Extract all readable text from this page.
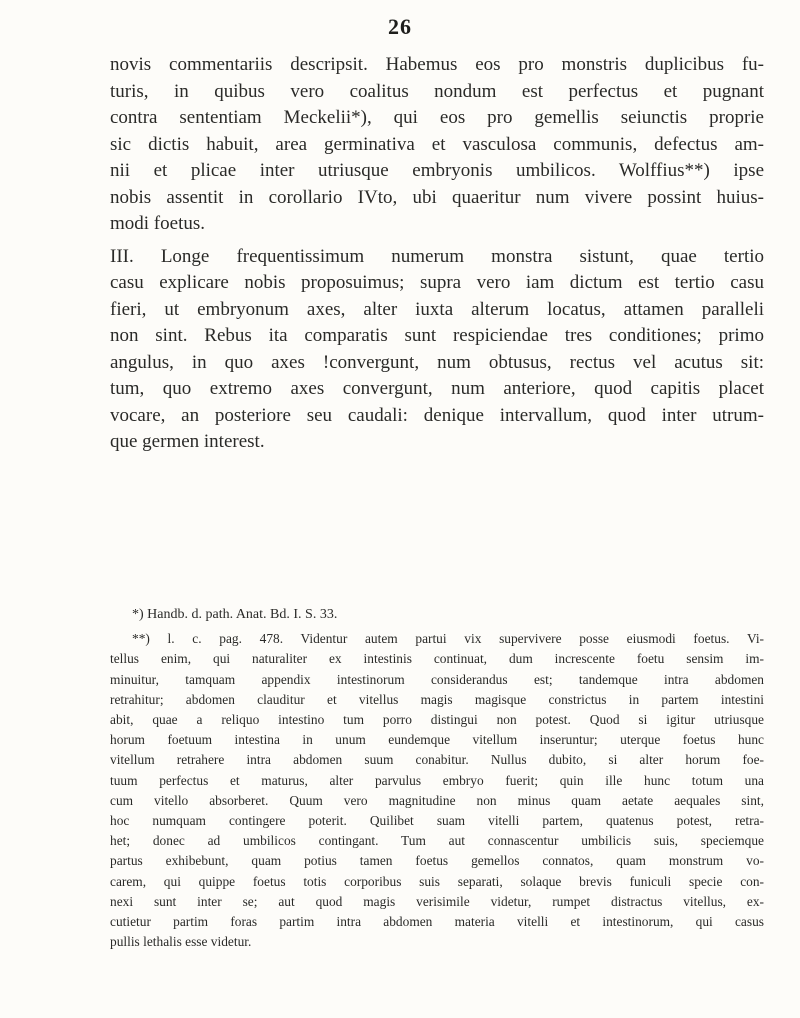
26

novis commentariis descripsit. Habemus eos pro monstris duplicibus fu-
turis, in quibus vero coalitus nondum est perfectus et pugnant
contra sententiam Meckelii*), qui eos pro gemellis seiunctis proprie
sic dictis habuit, area germinativa et vasculosa communis, defectus am-
nii et plicae inter utriusque embryonis umbilicos. Wolffius**) ipse
nobis assentit in corollario IVto, ubi quaeritur num vivere possint huius-
modi foetus.

III. Longe frequentissimum numerum monstra sistunt, quae tertio
casu explicare nobis proposuimus; supra vero iam dictum est tertio casu
fieri, ut embryonum axes, alter iuxta alterum locatus, attamen paralleli
non sint. Rebus ita comparatis sunt respiciendae tres conditiones; primo
angulus, in quo axes !convergunt, num obtusus, rectus vel acutus sit:
tum, quo extremo axes convergunt, num anteriore, quod capitis placet
vocare, an posteriore seu caudali: denique intervallum, quod inter utrum-
que germen interest.

*) Handb. d. path. Anat. Bd. I. S. 33.
**) l. c. pag. 478. Videntur autem partui vix supervivere posse eiusmodi foetus. Vi-
tellus enim, qui naturaliter ex intestinis continuat, dum increscente foetu sensim im-
minuitur, tamquam appendix intestinorum considerandus est; tandemque intra abdomen
retrahitur; abdomen clauditur et vitellus magis magisque constrictus in partem intestini
abit, quae a reliquo intestino tum porro distingui non potest. Quod si igitur utriusque
horum foetuum intestina in unum eundemque vitellum inseruntur; uterque foetus hunc
vitellum retrahere intra abdomen suum conabitur. Nullus dubito, si alter horum foe-
tuum perfectus et maturus, alter parvulus embryo fuerit; quin ille hunc totum una
cum vitello absorberet. Quum vero magnitudine non minus quam aetate aequales sint,
hoc numquam contingere poterit. Quilibet suam vitelli partem, quatenus potest, retra-
het; donec ad umbilicos contingant. Tum aut connascentur umbilicis suis, speciemque
partus exhibebunt, quam potius tamen foetus gemellos connatos, quam monstrum vo-
carem, qui quippe foetus totis corporibus suis separati, solaque brevis funiculi specie con-
nexi sunt inter se; aut quod magis verisimile videtur, rumpet distractus vitellus, ex-
cutietur partim foras partim intra abdomen materia vitelli et intestinorum, qui casus
pullis lethalis esse videtur.
